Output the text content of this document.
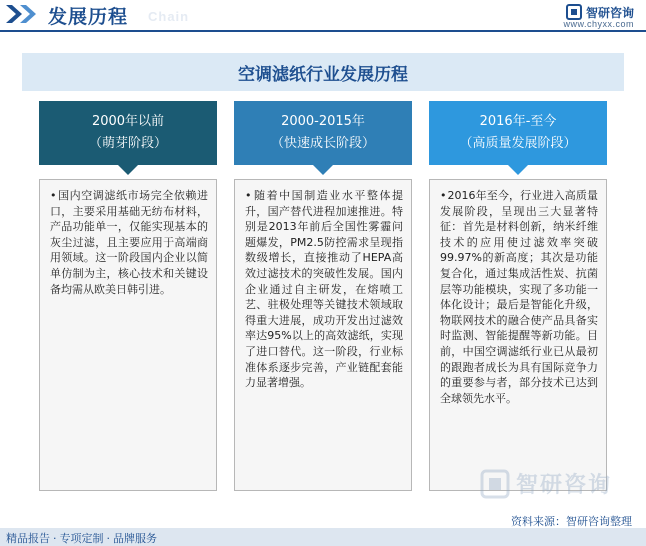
发展历程 Chain	智研咨询
www.chyxx.com
空调滤纸行业发展历程
2000年以前
（萌芽阶段）
•国内空调滤纸市场完全依赖进口，主要采用基础无纺布材料，产品功能单一，仅能实现基本的灰尘过滤，且主要应用于高端商用领域。这一阶段国内企业以简单仿制为主，核心技术和关键设备均需从欧美日韩引进。
2000-2015年
（快速成长阶段）
•随着中国制造业水平整体提升，国产替代进程加速推进。特别是2013年前后全国性雾霾问题爆发，PM2.5防控需求呈现指数级增长，直接推动了HEPA高效过滤技术的突破性发展。国内企业通过自主研发，在熔喷工艺、驻极处理等关键技术领域取得重大进展，成功开发出过滤效率达95%以上的高效滤纸，实现了进口替代。这一阶段，行业标准体系逐步完善，产业链配套能力显著增强。
2016年-至今
（高质量发展阶段）
•2016年至今，行业进入高质量发展阶段，呈现出三大显著特征：首先是材料创新，纳米纤维技术的应用使过滤效率突破99.97%的新高度；其次是功能复合化，通过集成活性炭、抗菌层等功能模块，实现了多功能一体化设计；最后是智能化升级，物联网技术的融合使产品具备实时监测、智能提醒等新功能。目前，中国空调滤纸行业已从最初的跟跑者成长为具有国际竞争力的重要参与者，部分技术已达到全球领先水平。
智研咨询
资料来源：智研咨询整理
精品报告 · 专项定制 · 品牌服务
